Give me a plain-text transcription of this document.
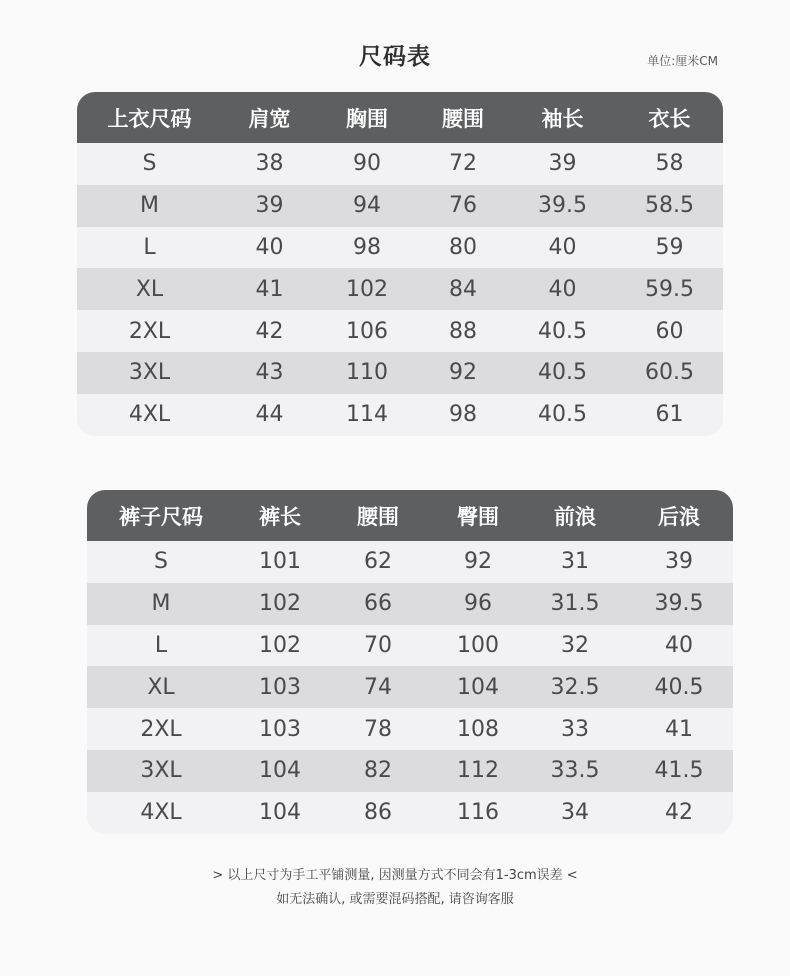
尺码表	单位:厘米CM
上衣尺码	肩宽	胸围	腰围	袖长	衣长
S	38	90	72	39	58
M	39	94	76	39.5	58.5
L	40	98	80	40	59
XL	41	102	84	40	59.5
2XL	42	106	88	40.5	60
3XL	43	110	92	40.5	60.5
4XL	44	114	98	40.5	61
裤子尺码	裤长	腰围	臀围	前浪	后浪
S	101	62	92	31	39
M	102	66	96	31.5	39.5
L	102	70	100	32	40
XL	103	74	104	32.5	40.5
2XL	103	78	108	33	41
3XL	104	82	112	33.5	41.5
4XL	104	86	116	34	42
> 以上尺寸为手工平铺测量, 因测量方式不同会有1-3cm误差 <
如无法确认, 或需要混码搭配, 请咨询客服
